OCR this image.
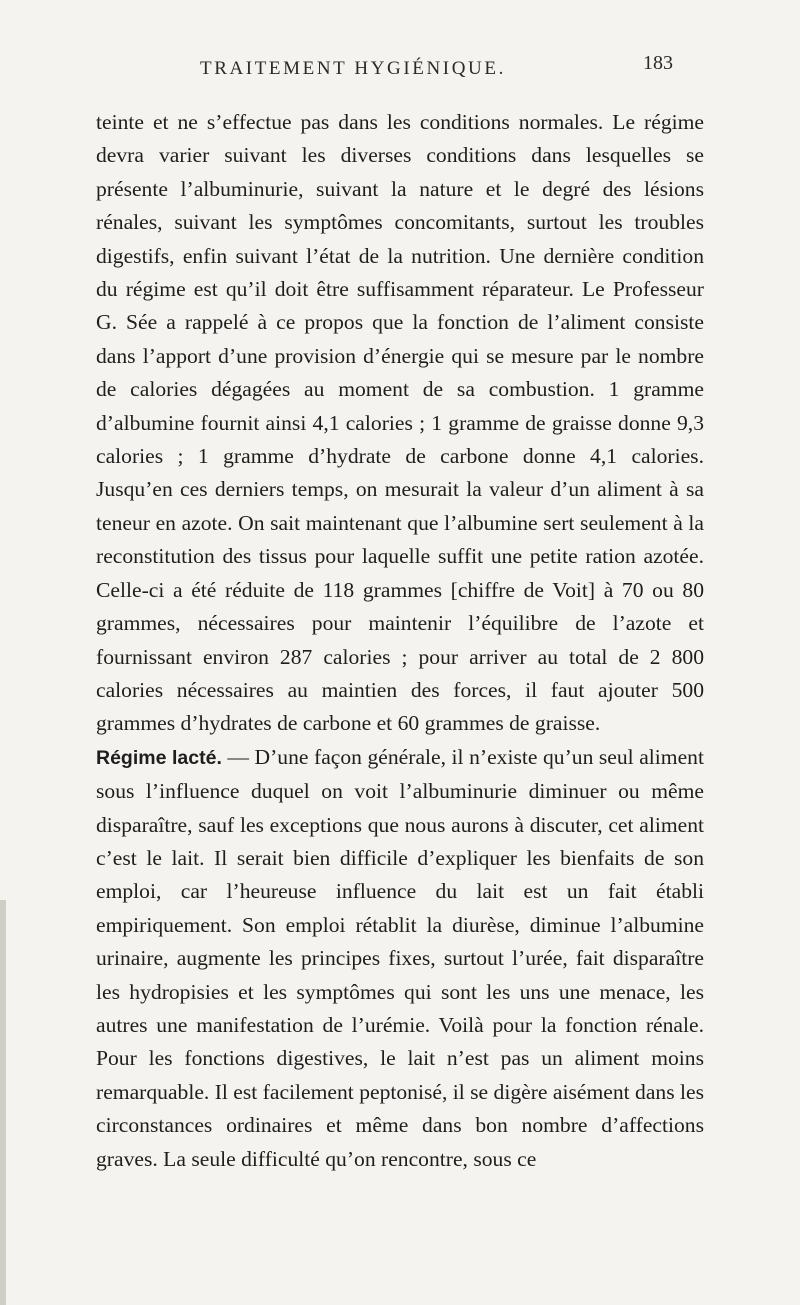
TRAITEMENT HYGIÉNIQUE.	183

teinte et ne s’effectue pas dans les conditions normales. Le régime devra varier suivant les diverses conditions dans lesquelles se présente l’albuminurie, suivant la nature et le degré des lésions rénales, suivant les symptômes concomitants, surtout les troubles digestifs, enfin suivant l’état de la nutrition. Une dernière condition du régime est qu’il doit être suffisamment réparateur. Le Professeur G. Sée a rappelé à ce propos que la fonction de l’aliment consiste dans l’apport d’une provision d’énergie qui se mesure par le nombre de calories dégagées au moment de sa combustion. 1 gramme d’albumine fournit ainsi 4,1 calories ; 1 gramme de graisse donne 9,3 calories ; 1 gramme d’hydrate de carbone donne 4,1 calories. Jusqu’en ces derniers temps, on mesurait la valeur d’un aliment à sa teneur en azote. On sait maintenant que l’albumine sert seulement à la reconstitution des tissus pour laquelle suffit une petite ration azotée. Celle-ci a été réduite de 118 grammes [chiffre de Voit] à 70 ou 80 grammes, nécessaires pour maintenir l’équilibre de l’azote et fournissant environ 287 calories ; pour arriver au total de 2 800 calories nécessaires au maintien des forces, il faut ajouter 500 grammes d’hydrates de carbone et 60 grammes de graisse.

Régime lacté. — D’une façon générale, il n’existe qu’un seul aliment sous l’influence duquel on voit l’albuminurie diminuer ou même disparaître, sauf les exceptions que nous aurons à discuter, cet aliment c’est le lait. Il serait bien difficile d’expliquer les bienfaits de son emploi, car l’heureuse influence du lait est un fait établi empiriquement. Son emploi rétablit la diurèse, diminue l’albumine urinaire, augmente les principes fixes, surtout l’urée, fait disparaître les hydropisies et les symptômes qui sont les uns une menace, les autres une manifestation de l’urémie. Voilà pour la fonction rénale. Pour les fonctions digestives, le lait n’est pas un aliment moins remarquable. Il est facilement peptonisé, il se digère aisément dans les circonstances ordinaires et même dans bon nombre d’affections graves. La seule difficulté qu’on rencontre, sous ce
